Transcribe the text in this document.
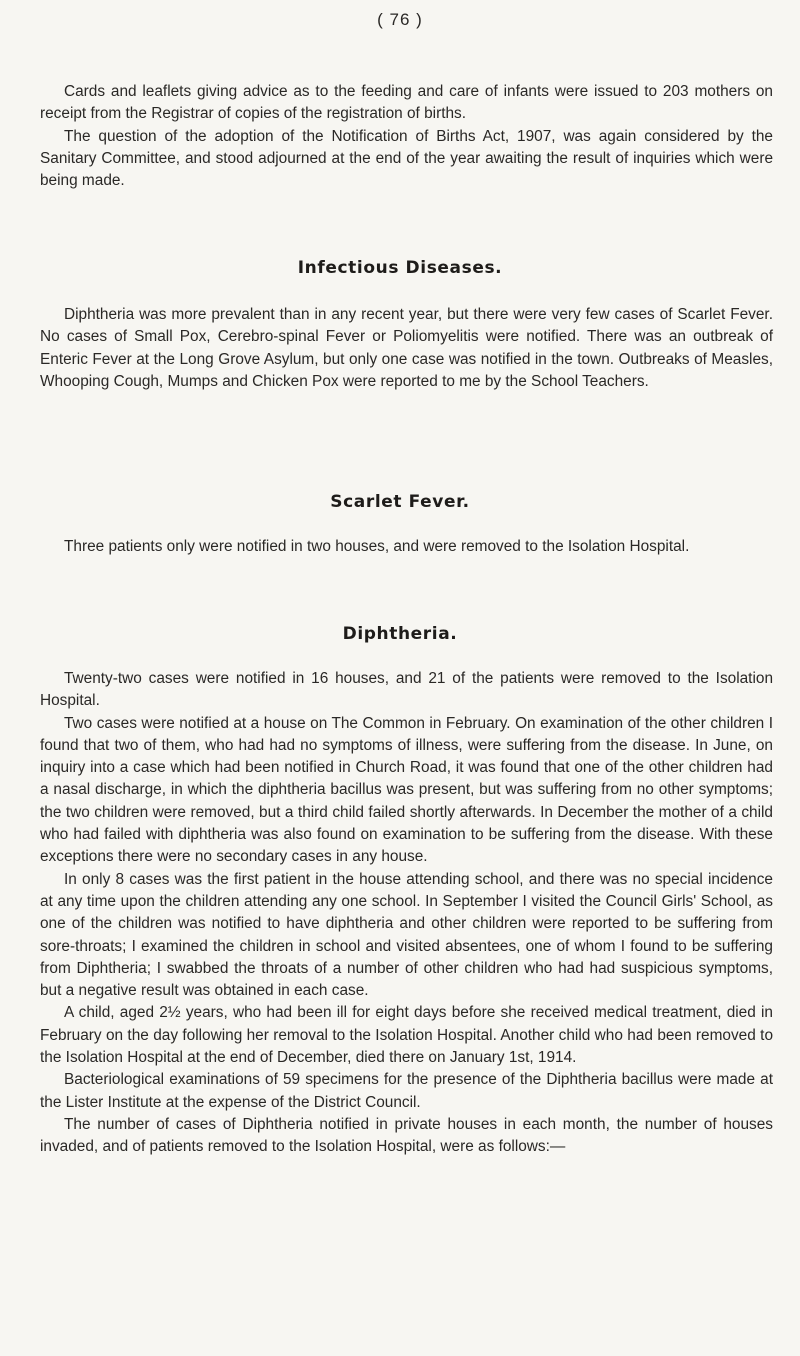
( 76 )

Cards and leaflets giving advice as to the feeding and care of infants were issued to 203 mothers on receipt from the Registrar of copies of the registration of births.

The question of the adoption of the Notification of Births Act, 1907, was again considered by the Sanitary Committee, and stood adjourned at the end of the year awaiting the result of inquiries which were being made.

Infectious Diseases.

Diphtheria was more prevalent than in any recent year, but there were very few cases of Scarlet Fever. No cases of Small Pox, Cerebro-spinal Fever or Poliomyelitis were notified. There was an outbreak of Enteric Fever at the Long Grove Asylum, but only one case was notified in the town. Outbreaks of Measles, Whooping Cough, Mumps and Chicken Pox were reported to me by the School Teachers.

Scarlet Fever.

Three patients only were notified in two houses, and were removed to the Isolation Hospital.

Diphtheria.

Twenty-two cases were notified in 16 houses, and 21 of the patients were removed to the Isolation Hospital.

Two cases were notified at a house on The Common in February. On examination of the other children I found that two of them, who had had no symptoms of illness, were suffering from the disease. In June, on inquiry into a case which had been notified in Church Road, it was found that one of the other children had a nasal discharge, in which the diphtheria bacillus was present, but was suffering from no other symptoms; the two children were removed, but a third child failed shortly afterwards. In December the mother of a child who had failed with diphtheria was also found on examination to be suffering from the disease. With these exceptions there were no secondary cases in any house.

In only 8 cases was the first patient in the house attending school, and there was no special incidence at any time upon the children attending any one school. In September I visited the Council Girls' School, as one of the children was notified to have diphtheria and other children were reported to be suffering from sore-throats; I examined the children in school and visited absentees, one of whom I found to be suffering from Diphtheria; I swabbed the throats of a number of other children who had had suspicious symptoms, but a negative result was obtained in each case.

A child, aged 2½ years, who had been ill for eight days before she received medical treatment, died in February on the day following her removal to the Isolation Hospital. Another child who had been removed to the Isolation Hospital at the end of December, died there on January 1st, 1914.

Bacteriological examinations of 59 specimens for the presence of the Diphtheria bacillus were made at the Lister Institute at the expense of the District Council.

The number of cases of Diphtheria notified in private houses in each month, the number of houses invaded, and of patients removed to the Isolation Hospital, were as follows:—
